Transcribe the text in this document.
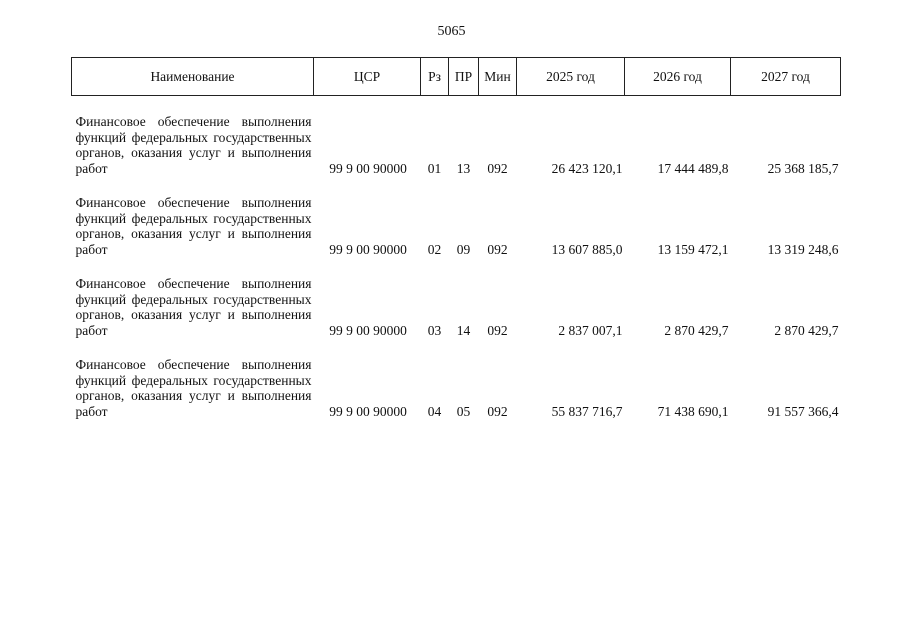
5065
Наименование	ЦСР	Рз	ПР	Мин	2025 год	2026 год	2027 год
Финансовое обеспечение выполнения функций федеральных государственных органов, оказания услуг и выполнения работ	99 9 00 90000	01	13	092	26 423 120,1	17 444 489,8	25 368 185,7
Финансовое обеспечение выполнения функций федеральных государственных органов, оказания услуг и выполнения работ	99 9 00 90000	02	09	092	13 607 885,0	13 159 472,1	13 319 248,6
Финансовое обеспечение выполнения функций федеральных государственных органов, оказания услуг и выполнения работ	99 9 00 90000	03	14	092	2 837 007,1	2 870 429,7	2 870 429,7
Финансовое обеспечение выполнения функций федеральных государственных органов, оказания услуг и выполнения работ	99 9 00 90000	04	05	092	55 837 716,7	71 438 690,1	91 557 366,4
